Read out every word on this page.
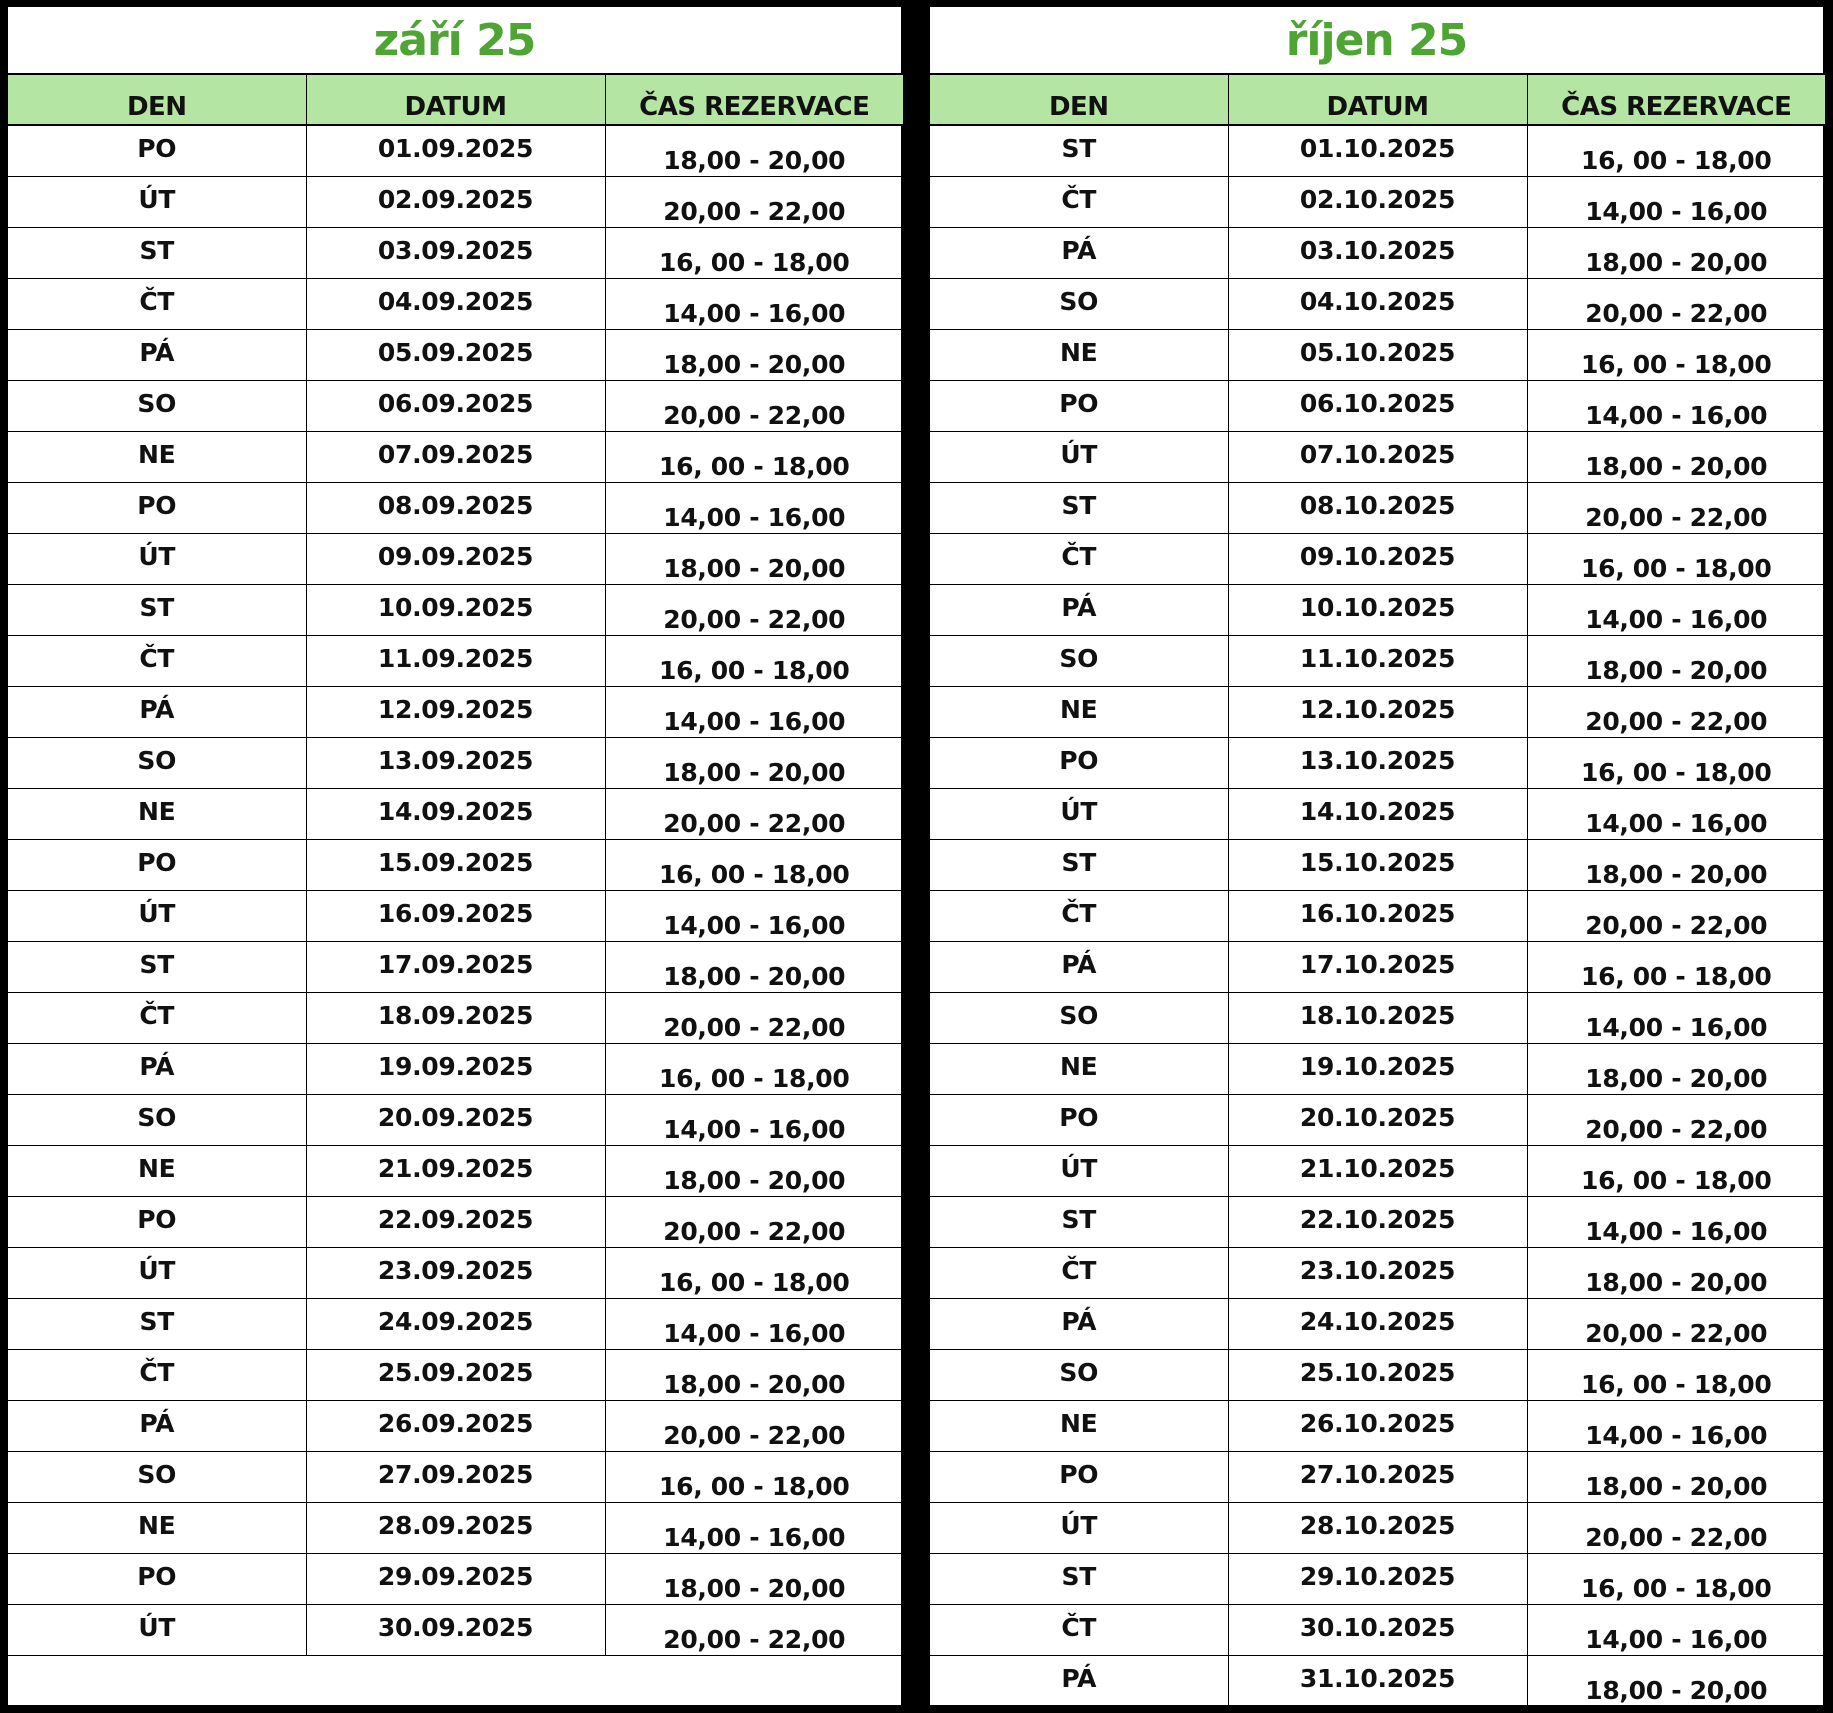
září 25
DEN	DATUM	ČAS REZERVACE
PO	01.09.2025	18,00 - 20,00
ÚT	02.09.2025	20,00 - 22,00
ST	03.09.2025	16, 00 - 18,00
ČT	04.09.2025	14,00 - 16,00
PÁ	05.09.2025	18,00 - 20,00
SO	06.09.2025	20,00 - 22,00
NE	07.09.2025	16, 00 - 18,00
PO	08.09.2025	14,00 - 16,00
ÚT	09.09.2025	18,00 - 20,00
ST	10.09.2025	20,00 - 22,00
ČT	11.09.2025	16, 00 - 18,00
PÁ	12.09.2025	14,00 - 16,00
SO	13.09.2025	18,00 - 20,00
NE	14.09.2025	20,00 - 22,00
PO	15.09.2025	16, 00 - 18,00
ÚT	16.09.2025	14,00 - 16,00
ST	17.09.2025	18,00 - 20,00
ČT	18.09.2025	20,00 - 22,00
PÁ	19.09.2025	16, 00 - 18,00
SO	20.09.2025	14,00 - 16,00
NE	21.09.2025	18,00 - 20,00
PO	22.09.2025	20,00 - 22,00
ÚT	23.09.2025	16, 00 - 18,00
ST	24.09.2025	14,00 - 16,00
ČT	25.09.2025	18,00 - 20,00
PÁ	26.09.2025	20,00 - 22,00
SO	27.09.2025	16, 00 - 18,00
NE	28.09.2025	14,00 - 16,00
PO	29.09.2025	18,00 - 20,00
ÚT	30.09.2025	20,00 - 22,00
říjen 25
DEN	DATUM	ČAS REZERVACE
ST	01.10.2025	16, 00 - 18,00
ČT	02.10.2025	14,00 - 16,00
PÁ	03.10.2025	18,00 - 20,00
SO	04.10.2025	20,00 - 22,00
NE	05.10.2025	16, 00 - 18,00
PO	06.10.2025	14,00 - 16,00
ÚT	07.10.2025	18,00 - 20,00
ST	08.10.2025	20,00 - 22,00
ČT	09.10.2025	16, 00 - 18,00
PÁ	10.10.2025	14,00 - 16,00
SO	11.10.2025	18,00 - 20,00
NE	12.10.2025	20,00 - 22,00
PO	13.10.2025	16, 00 - 18,00
ÚT	14.10.2025	14,00 - 16,00
ST	15.10.2025	18,00 - 20,00
ČT	16.10.2025	20,00 - 22,00
PÁ	17.10.2025	16, 00 - 18,00
SO	18.10.2025	14,00 - 16,00
NE	19.10.2025	18,00 - 20,00
PO	20.10.2025	20,00 - 22,00
ÚT	21.10.2025	16, 00 - 18,00
ST	22.10.2025	14,00 - 16,00
ČT	23.10.2025	18,00 - 20,00
PÁ	24.10.2025	20,00 - 22,00
SO	25.10.2025	16, 00 - 18,00
NE	26.10.2025	14,00 - 16,00
PO	27.10.2025	18,00 - 20,00
ÚT	28.10.2025	20,00 - 22,00
ST	29.10.2025	16, 00 - 18,00
ČT	30.10.2025	14,00 - 16,00
PÁ	31.10.2025	18,00 - 20,00
